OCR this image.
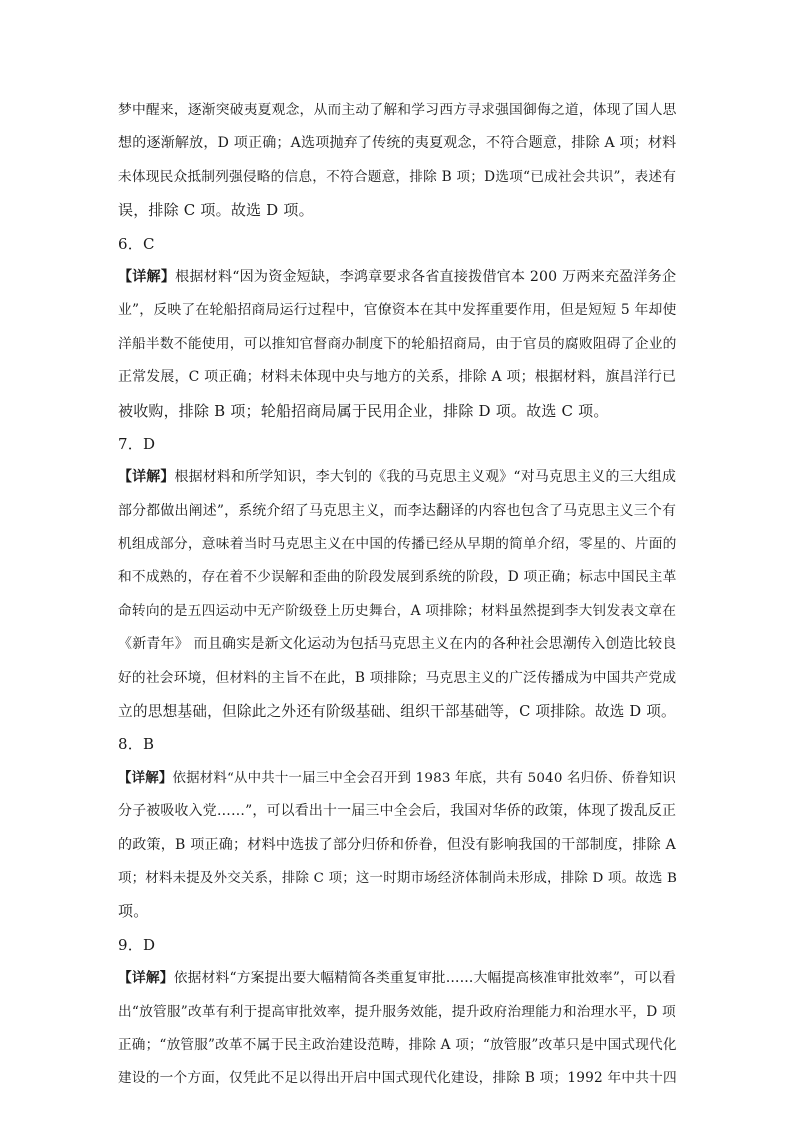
梦中醒来，逐渐突破夷夏观念，从而主动了解和学习西方寻求强国御侮之道，体现了国人思
想的逐渐解放，D 项正确；A选项抛弃了传统的夷夏观念，不符合题意，排除 A 项；材料
未体现民众抵制列强侵略的信息，不符合题意，排除 B 项；D选项“已成社会共识”，表述有
误，排除 C 项。故选 D 项。
6．C
【详解】根据材料“因为资金短缺，李鸿章要求各省直接拨借官本 200 万两来充盈洋务企
业”，反映了在轮船招商局运行过程中，官僚资本在其中发挥重要作用，但是短短 5 年却使
洋船半数不能使用，可以推知官督商办制度下的轮船招商局，由于官员的腐败阻碍了企业的
正常发展，C 项正确；材料未体现中央与地方的关系，排除 A 项；根据材料，旗昌洋行已
被收购，排除 B 项；轮船招商局属于民用企业，排除 D 项。故选 C 项。
7．D
【详解】根据材料和所学知识，李大钊的《我的马克思主义观》“对马克思主义的三大组成
部分都做出阐述”，系统介绍了马克思主义，而李达翻译的内容也包含了马克思主义三个有
机组成部分，意味着当时马克思主义在中国的传播已经从早期的简单介绍，零星的、片面的
和不成熟的，存在着不少误解和歪曲的阶段发展到系统的阶段，D 项正确；标志中国民主革
命转向的是五四运动中无产阶级登上历史舞台，A 项排除；材料虽然提到李大钊发表文章在
《新青年》 而且确实是新文化运动为包括马克思主义在内的各种社会思潮传入创造比较良
好的社会环境，但材料的主旨不在此，B 项排除；马克思主义的广泛传播成为中国共产党成
立的思想基础，但除此之外还有阶级基础、组织干部基础等，C 项排除。故选 D 项。
8．B
【详解】依据材料“从中共十一届三中全会召开到 1983 年底，共有 5040 名归侨、侨眷知识
分子被吸收入党……”，可以看出十一届三中全会后，我国对华侨的政策，体现了拨乱反正
的政策，B 项正确；材料中选拔了部分归侨和侨眷，但没有影响我国的干部制度，排除 A
项；材料未提及外交关系，排除 C 项；这一时期市场经济体制尚未形成，排除 D 项。故选 B
项。
9．D
【详解】依据材料“方案提出要大幅精简各类重复审批……大幅提高核准审批效率”，可以看
出“放管服”改革有利于提高审批效率，提升服务效能，提升政府治理能力和治理水平，D 项
正确；“放管服”改革不属于民主政治建设范畴，排除 A 项；“放管服”改革只是中国式现代化
建设的一个方面，仅凭此不足以得出开启中国式现代化建设，排除 B 项；1992 年中共十四
